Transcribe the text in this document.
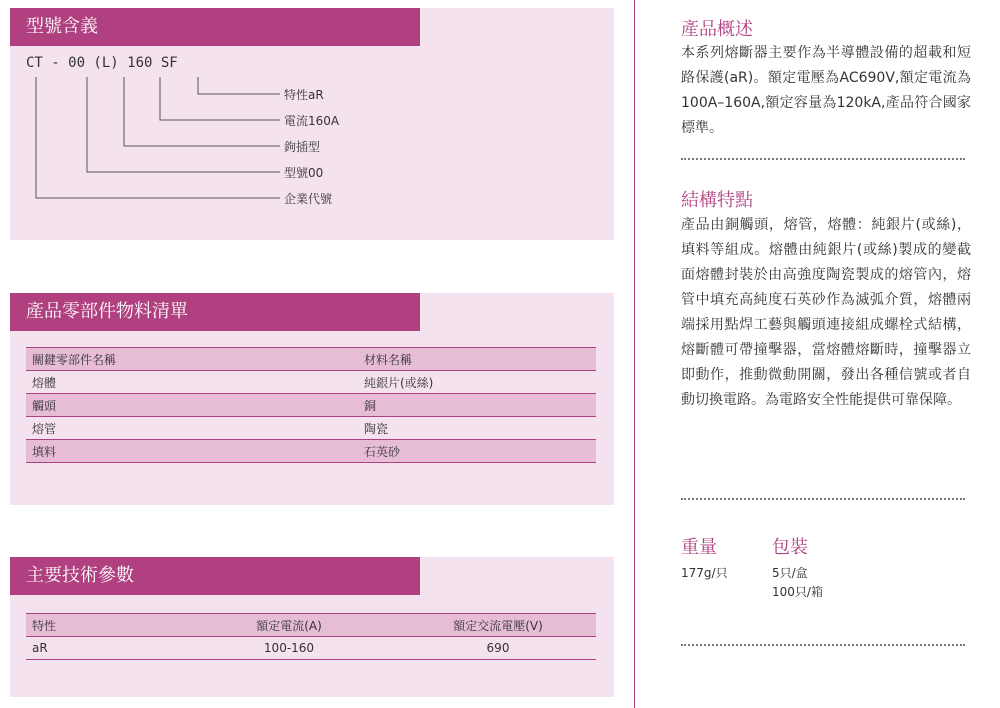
型號含義
CT - 00 (L) 160 SF
特性aR
電流160A
鉤插型
型號00
企業代號
產品零部件物料清單
關鍵零部件名稱	材料名稱
熔體	純銀片(或絲)
觸頭	銅
熔管	陶瓷
填料	石英砂
主要技術參數
特性	額定電流(A)	額定交流電壓(V)
aR	100-160	690
產品概述
本系列熔斷器主要作為半導體設備的超載和短路保護(aR)。額定電壓為AC690V,額定電流為100A–160A,額定容量為120kA,產品符合國家標準。
結構特點
產品由銅觸頭，熔管，熔體：純銀片(或絲)，填料等組成。熔體由純銀片(或絲)製成的變截面熔體封裝於由高強度陶瓷製成的熔管內，熔管中填充高純度石英砂作為滅弧介質，熔體兩端採用點焊工藝與觸頭連接組成螺栓式結構，熔斷體可帶撞擊器，當熔體熔斷時，撞擊器立即動作，推動微動開關，發出各種信號或者自動切換電路。為電路安全性能提供可靠保障。
重量	包裝
177g/只	5只/盒
100只/箱
